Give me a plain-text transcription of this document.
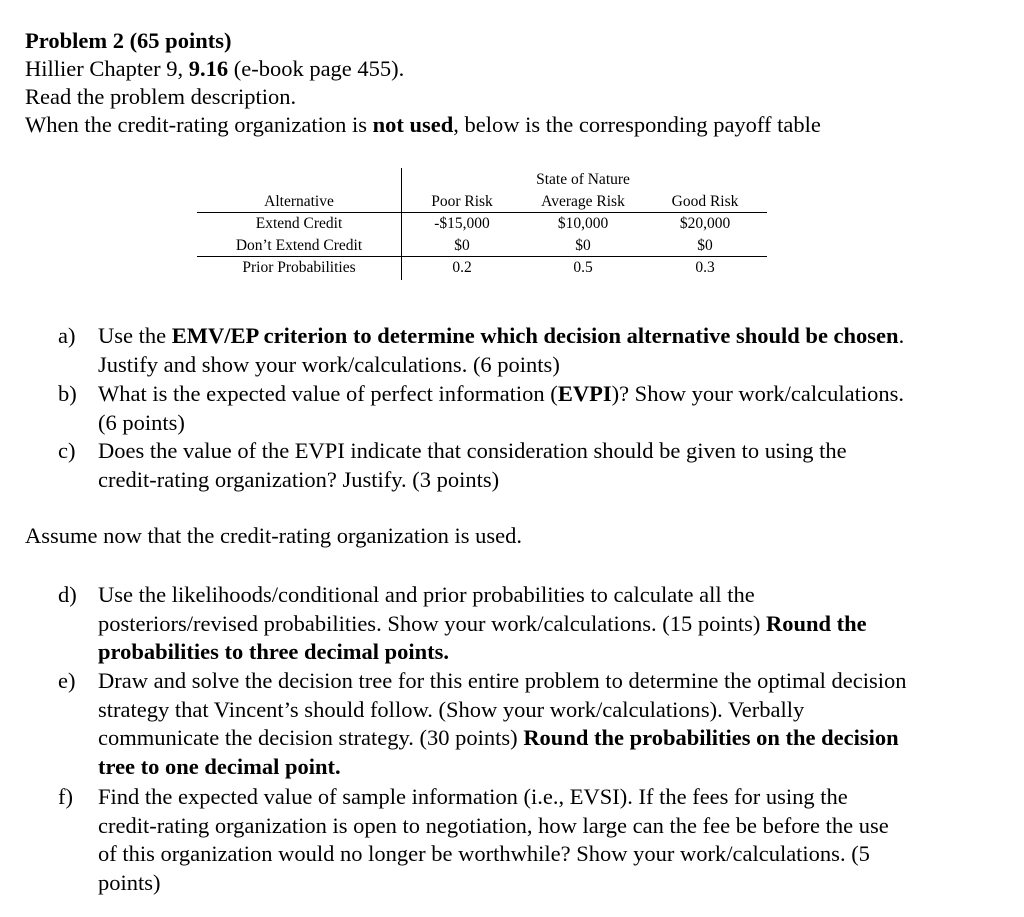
Problem 2 (65 points)
Hillier Chapter 9, 9.16 (e-book page 455).
Read the problem description.
When the credit-rating organization is not used, below is the corresponding payoff table
State of Nature
Alternative	Poor Risk	Average Risk	Good Risk
Extend Credit	-$15,000	$10,000	$20,000
Don’t Extend Credit	$0	$0	$0
Prior Probabilities	0.2	0.5	0.3
a) Use the EMV/EP criterion to determine which decision alternative should be chosen.
Justify and show your work/calculations. (6 points)
b) What is the expected value of perfect information (EVPI)? Show your work/calculations.
(6 points)
c) Does the value of the EVPI indicate that consideration should be given to using the
credit-rating organization? Justify. (3 points)
Assume now that the credit-rating organization is used.
d) Use the likelihoods/conditional and prior probabilities to calculate all the
posteriors/revised probabilities. Show your work/calculations. (15 points) Round the
probabilities to three decimal points.
e) Draw and solve the decision tree for this entire problem to determine the optimal decision
strategy that Vincent’s should follow. (Show your work/calculations). Verbally
communicate the decision strategy. (30 points) Round the probabilities on the decision
tree to one decimal point.
f) Find the expected value of sample information (i.e., EVSI). If the fees for using the
credit-rating organization is open to negotiation, how large can the fee be before the use
of this organization would no longer be worthwhile? Show your work/calculations. (5
points)
